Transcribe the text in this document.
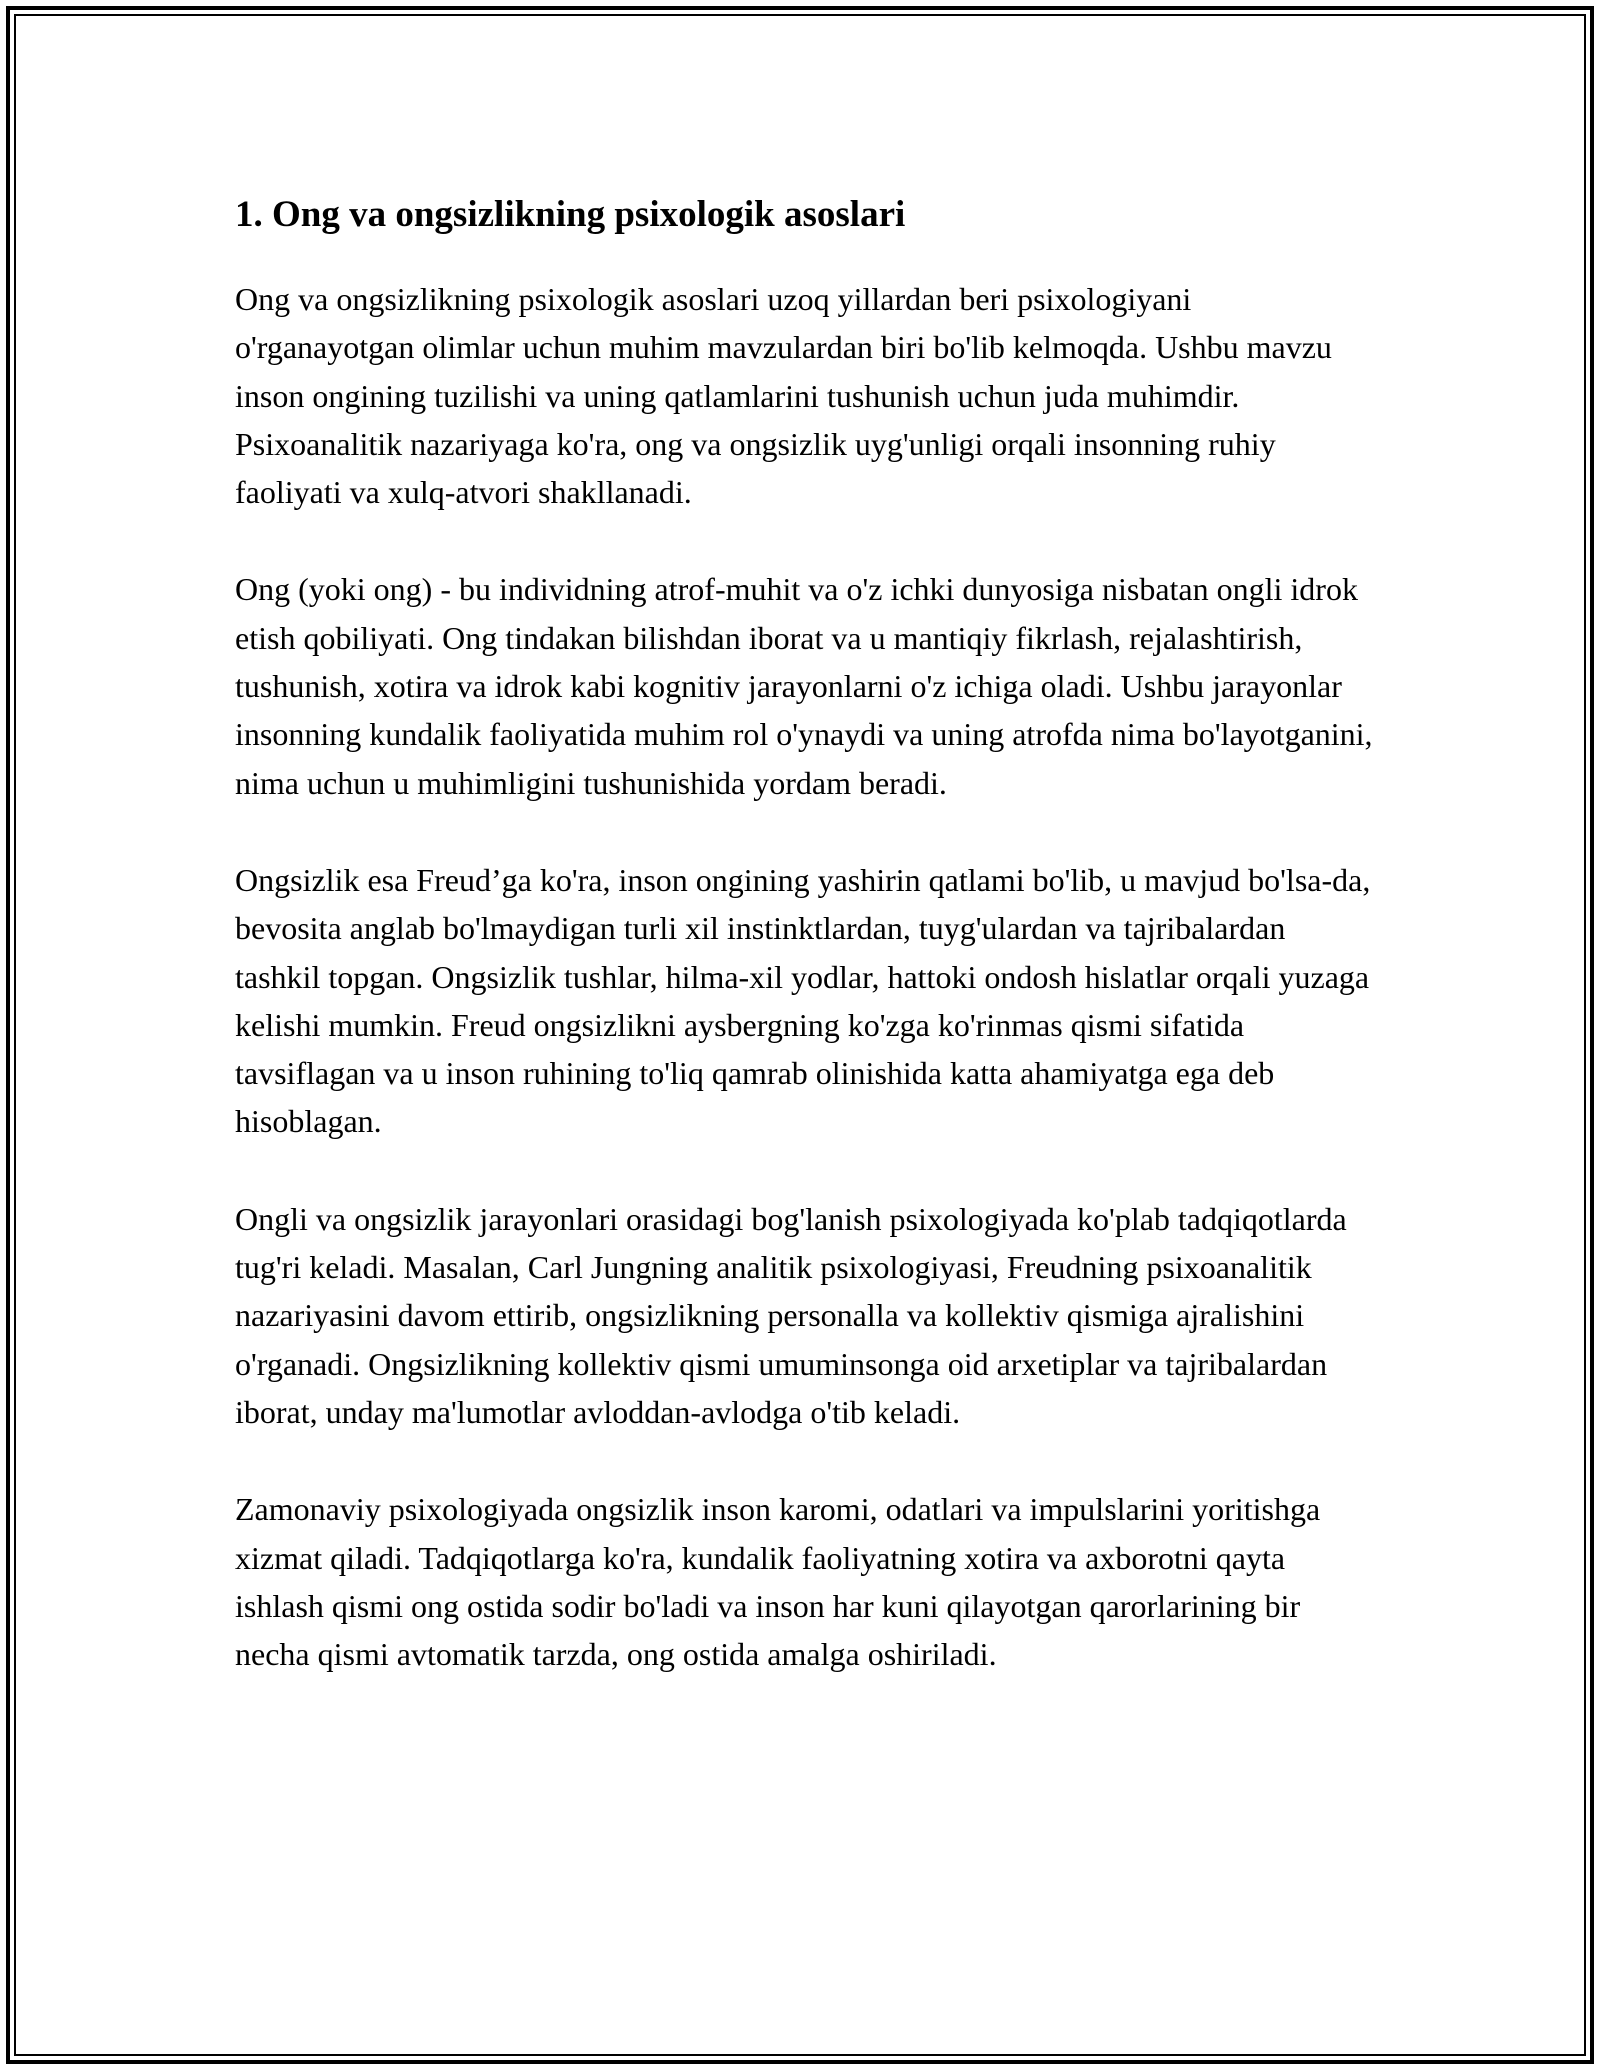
1. Ong va ongsizlikning psixologik asoslari

Ong va ongsizlikning psixologik asoslari uzoq yillardan beri psixologiyani o'rganayotgan olimlar uchun muhim mavzulardan biri bo'lib kelmoqda. Ushbu mavzu inson ongining tuzilishi va uning qatlamlarini tushunish uchun juda muhimdir. Psixoanalitik nazariyaga ko'ra, ong va ongsizlik uyg'unligi orqali insonning ruhiy faoliyati va xulq-atvori shakllanadi.

Ong (yoki ong) - bu individning atrof-muhit va o'z ichki dunyosiga nisbatan ongli idrok etish qobiliyati. Ong tindakan bilishdan iborat va u mantiqiy fikrlash, rejalashtirish, tushunish, xotira va idrok kabi kognitiv jarayonlarni o'z ichiga oladi. Ushbu jarayonlar insonning kundalik faoliyatida muhim rol o'ynaydi va uning atrofda nima bo'layotganini, nima uchun u muhimligini tushunishida yordam beradi.

Ongsizlik esa Freud’ga ko'ra, inson ongining yashirin qatlami bo'lib, u mavjud bo'lsa-da, bevosita anglab bo'lmaydigan turli xil instinktlardan, tuyg'ulardan va tajribalardan tashkil topgan. Ongsizlik tushlar, hilma-xil yodlar, hattoki ondosh hislatlar orqali yuzaga kelishi mumkin. Freud ongsizlikni aysbergning ko'zga ko'rinmas qismi sifatida tavsiflagan va u inson ruhining to'liq qamrab olinishida katta ahamiyatga ega deb hisoblagan.

Ongli va ongsizlik jarayonlari orasidagi bog'lanish psixologiyada ko'plab tadqiqotlarda tug'ri keladi. Masalan, Carl Jungning analitik psixologiyasi, Freudning psixoanalitik nazariyasini davom ettirib, ongsizlikning personalla va kollektiv qismiga ajralishini o'rganadi. Ongsizlikning kollektiv qismi umuminsonga oid arxetiplar va tajribalardan iborat, unday ma'lumotlar avloddan-avlodga o'tib keladi.

Zamonaviy psixologiyada ongsizlik inson karomi, odatlari va impulslarini yoritishga xizmat qiladi. Tadqiqotlarga ko'ra, kundalik faoliyatning xotira va axborotni qayta ishlash qismi ong ostida sodir bo'ladi va inson har kuni qilayotgan qarorlarining bir necha qismi avtomatik tarzda, ong ostida amalga oshiriladi.
